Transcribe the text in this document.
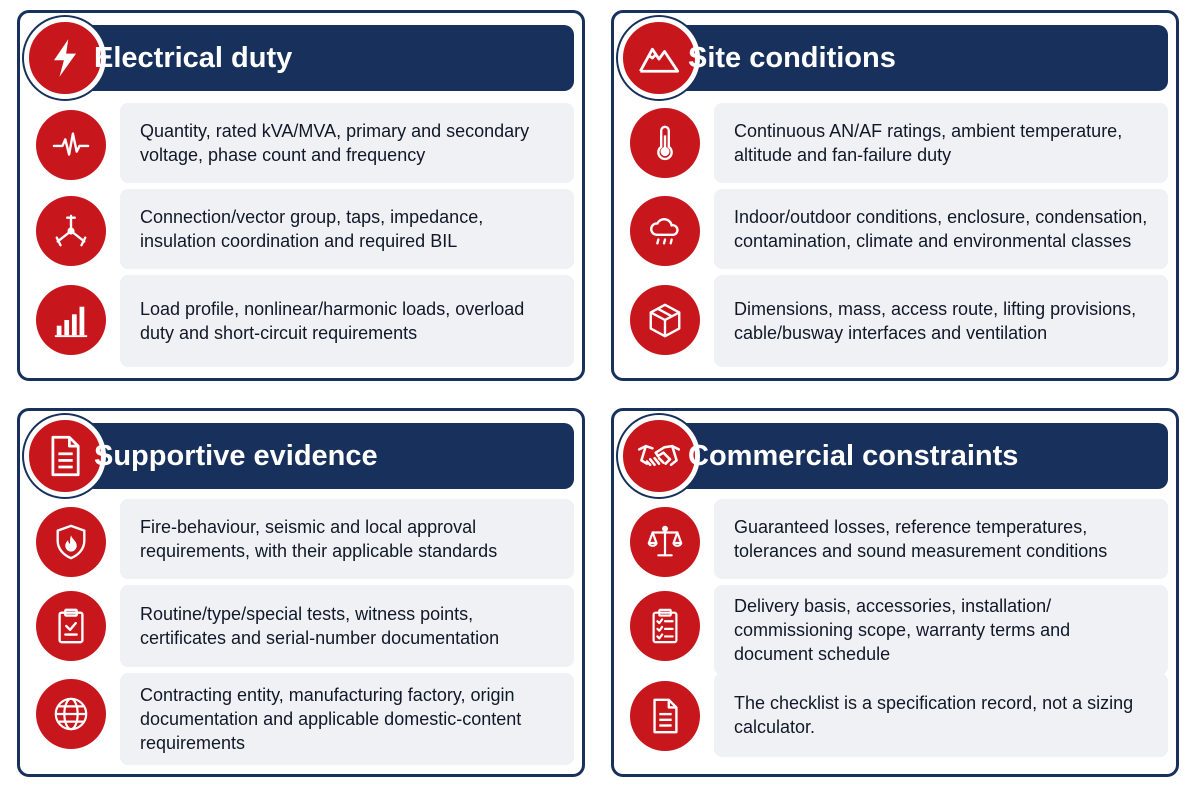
Electrical duty
Quantity, rated kVA/MVA, primary and secondary voltage, phase count and frequency
Connection/vector group, taps, impedance, insulation coordination and required BIL
Load profile, nonlinear/harmonic loads, overload duty and short-circuit requirements
Site conditions
Continuous AN/AF ratings, ambient temperature, altitude and fan-failure duty
Indoor/outdoor conditions, enclosure, condensation, contamination, climate and environmental classes
Dimensions, mass, access route, lifting provisions, cable/busway interfaces and ventilation
Supportive evidence
Fire-behaviour, seismic and local approval requirements, with their applicable standards
Routine/type/special tests, witness points, certificates and serial-number documentation
Contracting entity, manufacturing factory, origin documentation and applicable domestic-content requirements
Commercial constraints
Guaranteed losses, reference temperatures, tolerances and sound measurement conditions
Delivery basis, accessories, installation/ commissioning scope, warranty terms and document schedule
The checklist is a specification record, not a sizing calculator.
